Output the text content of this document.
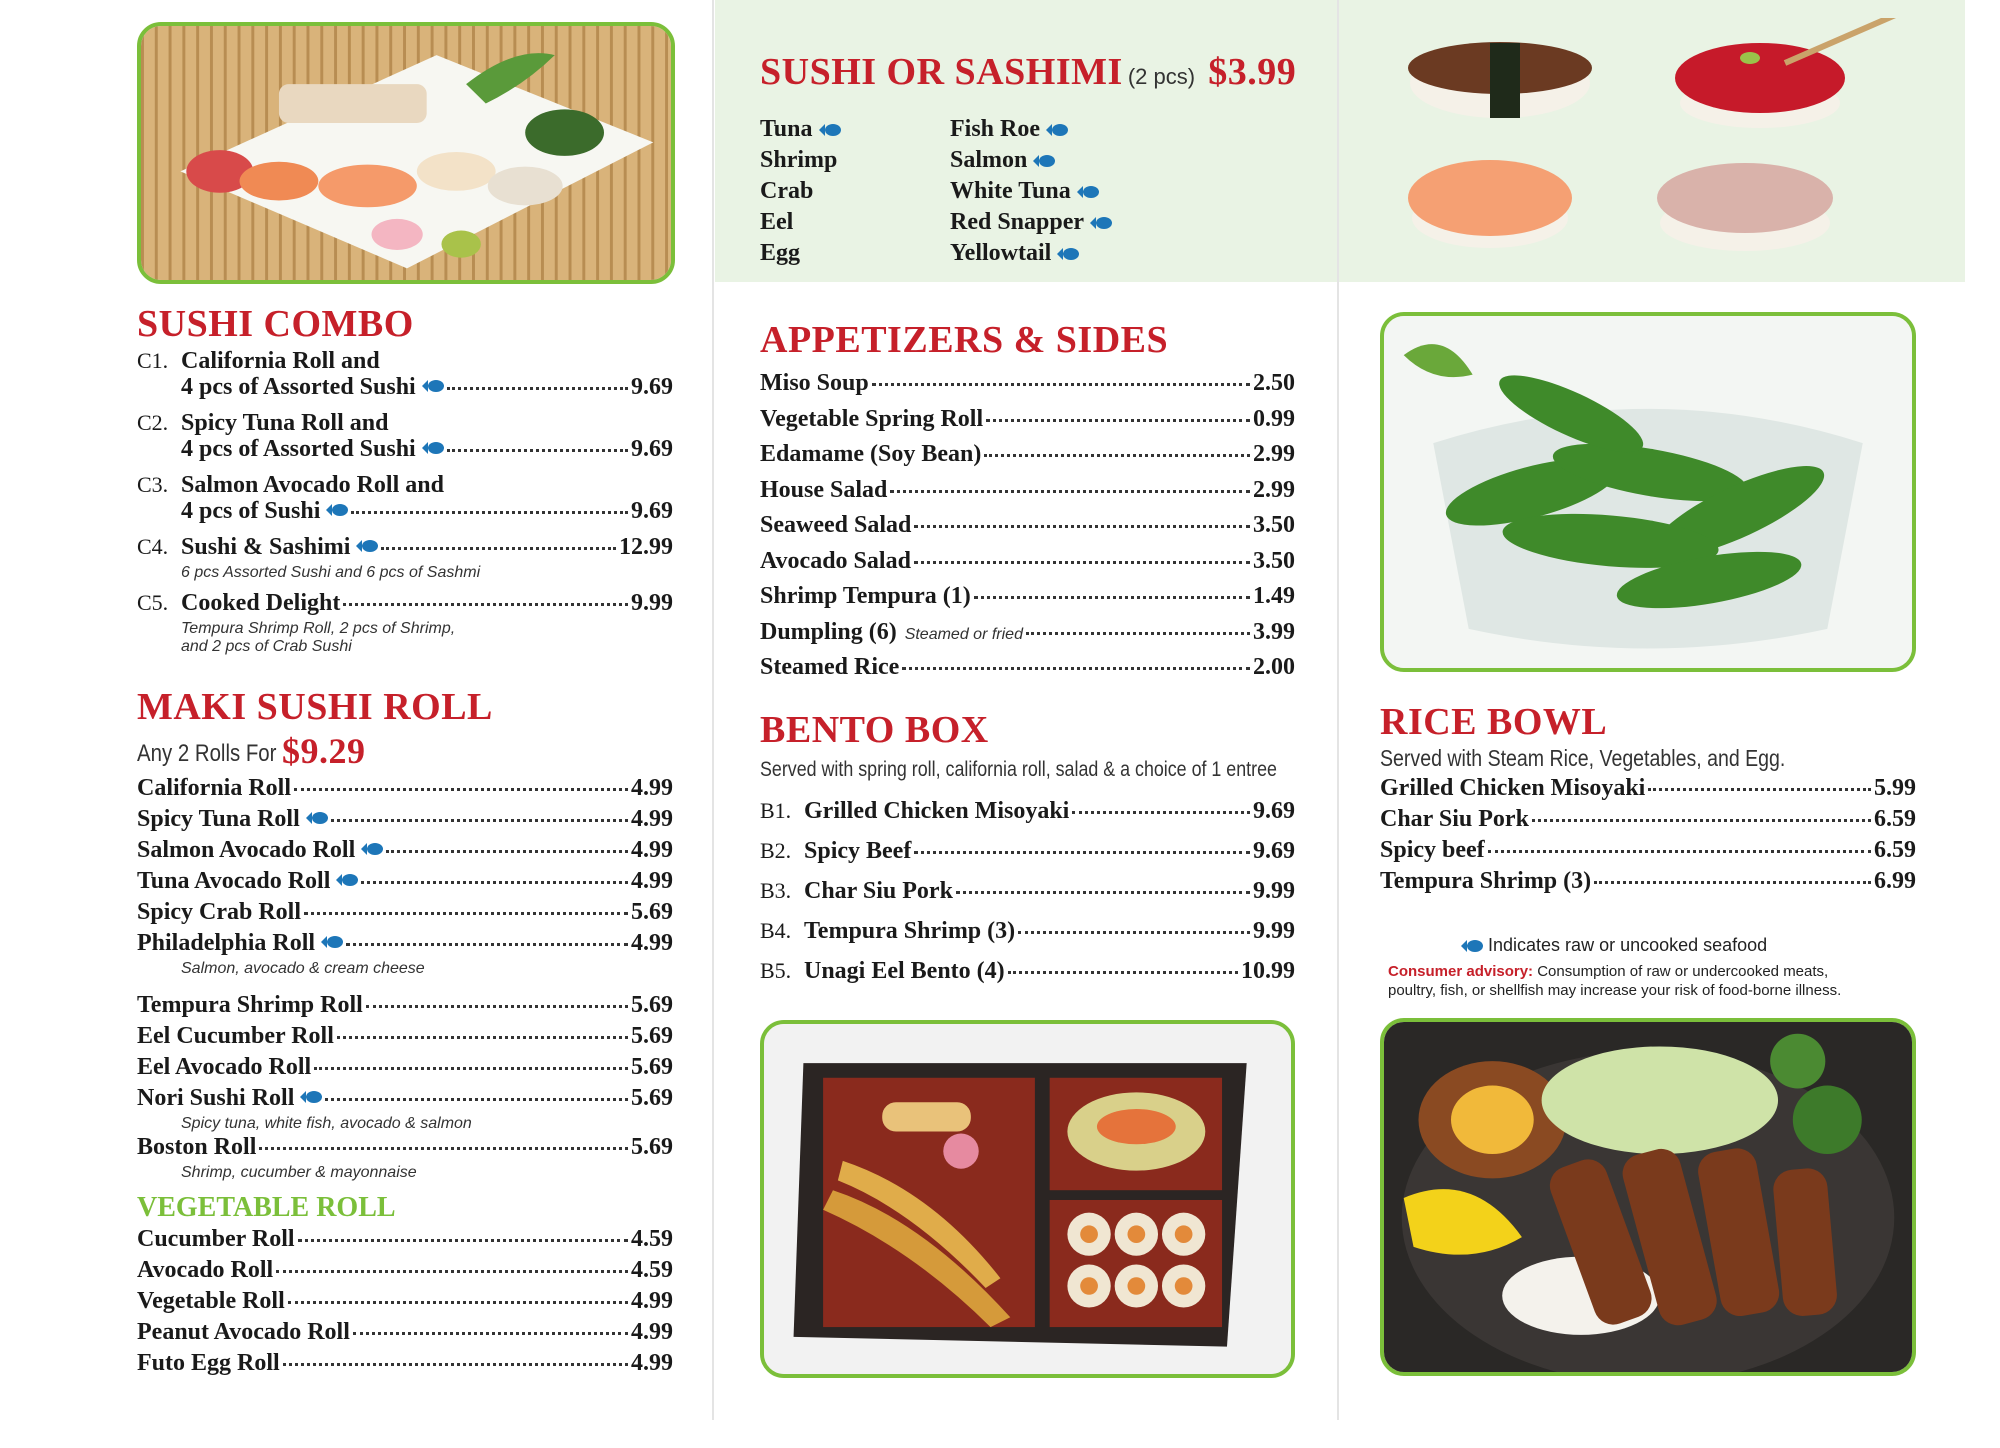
SUSHI COMBO
C1. California Roll and
4 pcs of Assorted Sushi	9.69
C2. Spicy Tuna Roll and
4 pcs of Assorted Sushi	9.69
C3. Salmon Avocado Roll and
4 pcs of Sushi	9.69
C4. Sushi & Sashimi	12.99
6 pcs Assorted Sushi and 6 pcs of Sashmi
C5. Cooked Delight	9.99
Tempura Shrimp Roll, 2 pcs of Shrimp,
and 2 pcs of Crab Sushi
MAKI SUSHI ROLL
Any 2 Rolls For $9.29
California Roll	4.99
Spicy Tuna Roll	4.99
Salmon Avocado Roll	4.99
Tuna Avocado Roll	4.99
Spicy Crab Roll	5.69
Philadelphia Roll	4.99
Salmon, avocado & cream cheese
Tempura Shrimp Roll	5.69
Eel Cucumber Roll	5.69
Eel Avocado Roll	5.69
Nori Sushi Roll	5.69
Spicy tuna, white fish, avocado & salmon
Boston Roll	5.69
Shrimp, cucumber & mayonnaise
VEGETABLE ROLL
Cucumber Roll	4.59
Avocado Roll	4.59
Vegetable Roll	4.99
Peanut Avocado Roll	4.99
Futo Egg Roll	4.99
SUSHI OR SASHIMI (2 pcs) $3.99
Tuna
Shrimp
Crab
Eel
Egg
Fish Roe
Salmon
White Tuna
Red Snapper
Yellowtail
APPETIZERS & SIDES
Miso Soup	2.50
Vegetable Spring Roll	0.99
Edamame (Soy Bean)	2.99
House Salad	2.99
Seaweed Salad	3.50
Avocado Salad	3.50
Shrimp Tempura (1)	1.49
Dumpling (6) Steamed or fried	3.99
Steamed Rice	2.00
BENTO BOX
Served with spring roll, california roll, salad & a choice of 1 entree
B1. Grilled Chicken Misoyaki	9.69
B2. Spicy Beef	9.69
B3. Char Siu Pork	9.99
B4. Tempura Shrimp (3)	9.99
B5. Unagi Eel Bento (4)	10.99
RICE BOWL
Served with Steam Rice, Vegetables, and Egg.
Grilled Chicken Misoyaki	5.99
Char Siu Pork	6.59
Spicy beef	6.59
Tempura Shrimp (3)	6.99
Indicates raw or uncooked seafood
Consumer advisory: Consumption of raw or undercooked meats,
poultry, fish, or shellfish may increase your risk of food-borne illness.
